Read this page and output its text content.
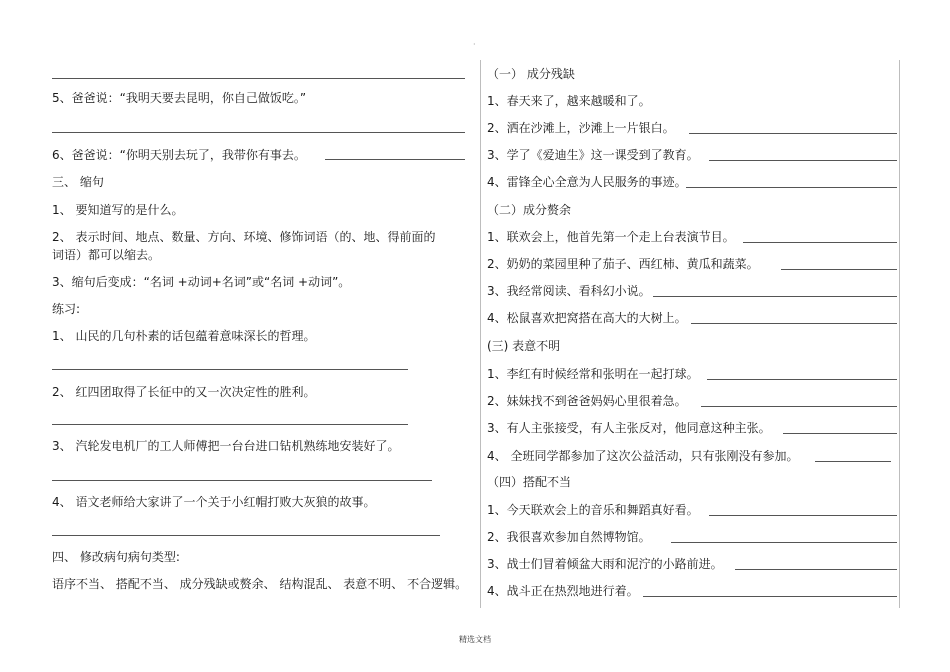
·
5、爸爸说：“我明天要去昆明，你自己做饭吃。”
6、爸爸说：“你明天别去玩了，我带你有事去。
三、 缩句
1、 要知道写的是什么。
2、 表示时间、地点、数量、方向、环境、修饰词语（的、地、得前面的
词语）都可以缩去。
3、缩句后变成：“名词 +动词+名词”或“名词 +动词”。
练习:
1、 山民的几句朴素的话包蕴着意味深长的哲理。
2、 红四团取得了长征中的又一次决定性的胜利。
3、 汽轮发电机厂的工人师傅把一台台进口钻机熟练地安装好了。
4、 语文老师给大家讲了一个关于小红帽打败大灰狼的故事。
四、 修改病句病句类型:
语序不当、 搭配不当、 成分残缺或赘余、 结构混乱、 表意不明、 不合逻辑。
（一） 成分残缺
1、春天来了，越来越暖和了。
2、洒在沙滩上，沙滩上一片银白。
3、学了《爱迪生》这一课受到了教育。
4、雷锋全心全意为人民服务的事迹。
（二）成分赘余
1、联欢会上，他首先第一个走上台表演节目。
2、奶奶的菜园里种了茄子、西红柿、黄瓜和蔬菜。
3、我经常阅读、看科幻小说。
4、松鼠喜欢把窝搭在高大的大树上。
(三) 表意不明
1、李红有时候经常和张明在一起打球。
2、妹妹找不到爸爸妈妈心里很着急。
3、有人主张接受，有人主张反对，他同意这种主张。
4、 全班同学都参加了这次公益活动，只有张刚没有参加。
（四）搭配不当
1、今天联欢会上的音乐和舞蹈真好看。
2、我很喜欢参加自然博物馆。
3、战士们冒着倾盆大雨和泥泞的小路前进。
4、战斗正在热烈地进行着。
精选文档
